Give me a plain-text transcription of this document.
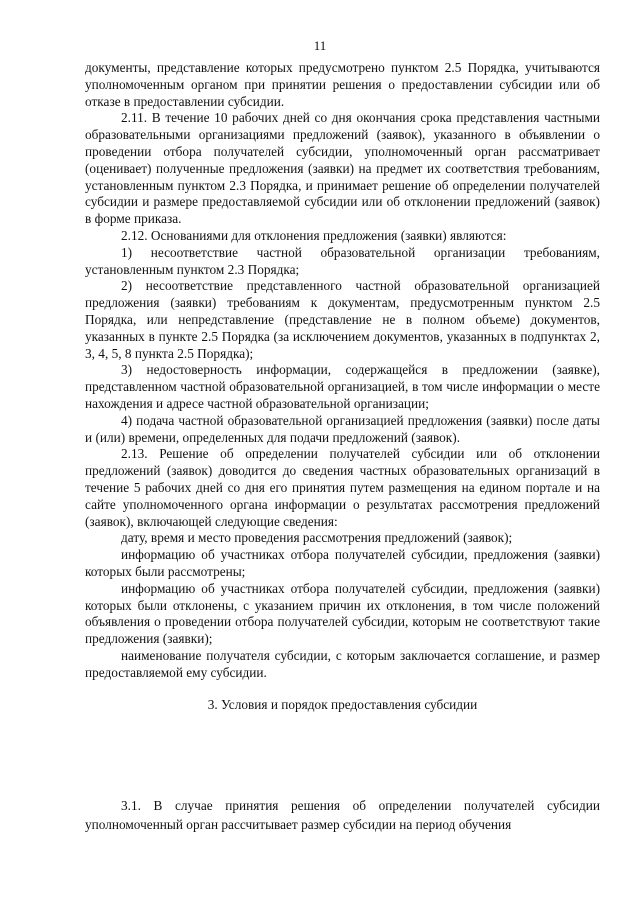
11

документы, представление которых предусмотрено пунктом 2.5 Порядка, учитываются уполномоченным органом при принятии решения о предоставлении субсидии или об отказе в предоставлении субсидии.

2.11. В течение 10 рабочих дней со дня окончания срока представления частными образовательными организациями предложений (заявок), указанного в объявлении о проведении отбора получателей субсидии, уполномоченный орган рассматривает (оценивает) полученные предложения (заявки) на предмет их соответствия требованиям, установленным пунктом 2.3 Порядка, и принимает решение об определении получателей субсидии и размере предоставляемой субсидии или об отклонении предложений (заявок) в форме приказа.

2.12. Основаниями для отклонения предложения (заявки) являются:

1) несоответствие частной образовательной организации требованиям, установленным пунктом 2.3 Порядка;

2) несоответствие представленного частной образовательной организацией предложения (заявки) требованиям к документам, предусмотренным пунктом 2.5 Порядка, или непредставление (представление не в полном объеме) документов, указанных в пункте 2.5 Порядка (за исключением документов, указанных в подпунктах 2, 3, 4, 5, 8 пункта 2.5 Порядка);

3) недостоверность информации, содержащейся в предложении (заявке), представленном частной образовательной организацией, в том числе информации о месте нахождения и адресе частной образовательной организации;

4) подача частной образовательной организацией предложения (заявки) после даты и (или) времени, определенных для подачи предложений (заявок).

2.13. Решение об определении получателей субсидии или об отклонении предложений (заявок) доводится до сведения частных образовательных организаций в течение 5 рабочих дней со дня его принятия путем размещения на едином портале и на сайте уполномоченного органа информации о результатах рассмотрения предложений (заявок), включающей следующие сведения:

дату, время и место проведения рассмотрения предложений (заявок);

информацию об участниках отбора получателей субсидии, предложения (заявки) которых были рассмотрены;

информацию об участниках отбора получателей субсидии, предложения (заявки) которых были отклонены, с указанием причин их отклонения, в том числе положений объявления о проведении отбора получателей субсидии, которым не соответствуют такие предложения (заявки);

наименование получателя субсидии, с которым заключается соглашение, и размер предоставляемой ему субсидии.

3. Условия и порядок предоставления субсидии

3.1. В случае принятия решения об определении получателей субсидии уполномоченный орган рассчитывает размер субсидии на период обучения
